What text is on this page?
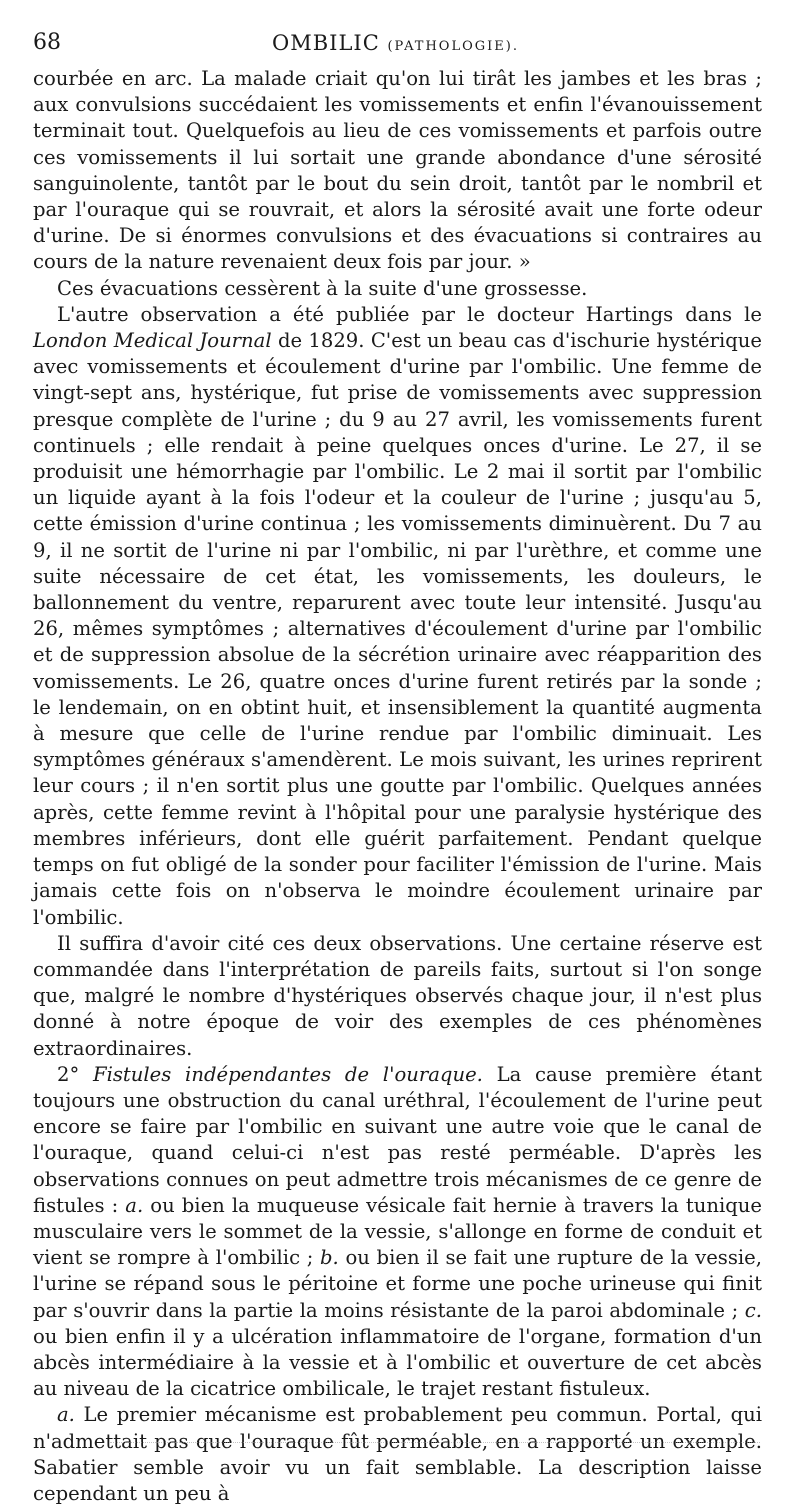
68	OMBILIC (PATHOLOGIE).

courbée en arc. La malade criait qu'on lui tirât les jambes et les bras ; aux convulsions succédaient les vomissements et enfin l'évanouissement terminait tout. Quelquefois au lieu de ces vomissements et parfois outre ces vomissements il lui sortait une grande abondance d'une sérosité sanguinolente, tantôt par le bout du sein droit, tantôt par le nombril et par l'ouraque qui se rouvrait, et alors la sérosité avait une forte odeur d'urine. De si énormes convulsions et des évacuations si contraires au cours de la nature revenaient deux fois par jour. »

Ces évacuations cessèrent à la suite d'une grossesse.

L'autre observation a été publiée par le docteur Hartings dans le London Medical Journal de 1829. C'est un beau cas d'ischurie hystérique avec vomissements et écoulement d'urine par l'ombilic. Une femme de vingt-sept ans, hystérique, fut prise de vomissements avec suppression presque complète de l'urine ; du 9 au 27 avril, les vomissements furent continuels ; elle rendait à peine quelques onces d'urine. Le 27, il se produisit une hémorrhagie par l'ombilic. Le 2 mai il sortit par l'ombilic un liquide ayant à la fois l'odeur et la couleur de l'urine ; jusqu'au 5, cette émission d'urine continua ; les vomissements diminuèrent. Du 7 au 9, il ne sortit de l'urine ni par l'ombilic, ni par l'urèthre, et comme une suite nécessaire de cet état, les vomissements, les douleurs, le ballonnement du ventre, reparurent avec toute leur intensité. Jusqu'au 26, mêmes symptômes ; alternatives d'écoulement d'urine par l'ombilic et de suppression absolue de la sécrétion urinaire avec réapparition des vomissements. Le 26, quatre onces d'urine furent retirés par la sonde ; le lendemain, on en obtint huit, et insensiblement la quantité augmenta à mesure que celle de l'urine rendue par l'ombilic diminuait. Les symptômes généraux s'amendèrent. Le mois suivant, les urines reprirent leur cours ; il n'en sortit plus une goutte par l'ombilic. Quelques années après, cette femme revint à l'hôpital pour une paralysie hystérique des membres inférieurs, dont elle guérit parfaitement. Pendant quelque temps on fut obligé de la sonder pour faciliter l'émission de l'urine. Mais jamais cette fois on n'observa le moindre écoulement urinaire par l'ombilic.

Il suffira d'avoir cité ces deux observations. Une certaine réserve est commandée dans l'interprétation de pareils faits, surtout si l'on songe que, malgré le nombre d'hystériques observés chaque jour, il n'est plus donné à notre époque de voir des exemples de ces phénomènes extraordinaires.

2° Fistules indépendantes de l'ouraque. La cause première étant toujours une obstruction du canal uréthral, l'écoulement de l'urine peut encore se faire par l'ombilic en suivant une autre voie que le canal de l'ouraque, quand celui-ci n'est pas resté perméable. D'après les observations connues on peut admettre trois mécanismes de ce genre de fistules : a. ou bien la muqueuse vésicale fait hernie à travers la tunique musculaire vers le sommet de la vessie, s'allonge en forme de conduit et vient se rompre à l'ombilic ; b. ou bien il se fait une rupture de la vessie, l'urine se répand sous le péritoine et forme une poche urineuse qui finit par s'ouvrir dans la partie la moins résistante de la paroi abdominale ; c. ou bien enfin il y a ulcération inflammatoire de l'organe, formation d'un abcès intermédiaire à la vessie et à l'ombilic et ouverture de cet abcès au niveau de la cicatrice ombilicale, le trajet restant fistuleux.

a. Le premier mécanisme est probablement peu commun. Portal, qui n'admettait pas que l'ouraque fût perméable, en a rapporté un exemple. Sabatier semble avoir vu un fait semblable. La description laisse cependant un peu à
